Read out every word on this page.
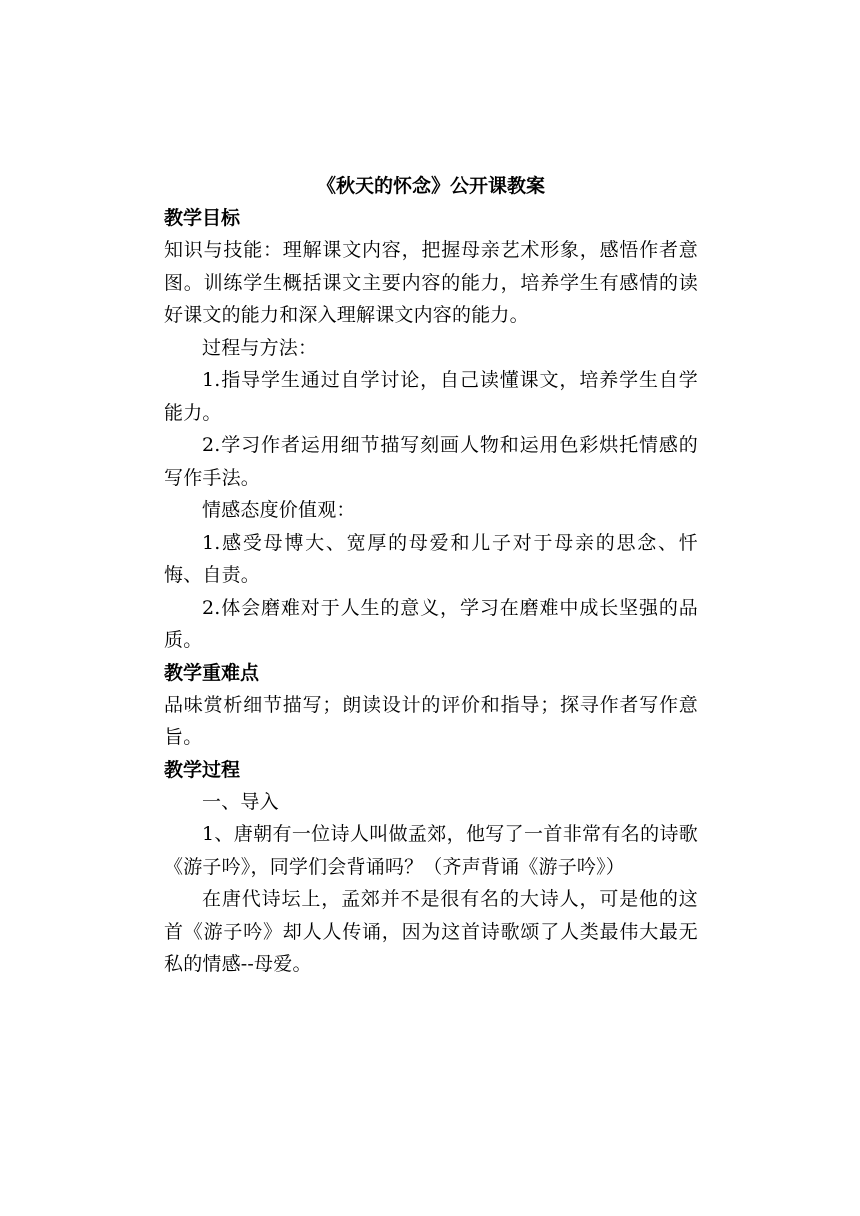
《秋天的怀念》公开课教案
教学目标

知识与技能：理解课文内容，把握母亲艺术形象，感悟作者意图。训练学生概括课文主要内容的能力，培养学生有感情的读好课文的能力和深入理解课文内容的能力。

过程与方法：

1.指导学生通过自学讨论，自己读懂课文，培养学生自学能力。

2.学习作者运用细节描写刻画人物和运用色彩烘托情感的写作手法。

情感态度价值观：

1.感受母博大、宽厚的母爱和儿子对于母亲的思念、忏悔、自责。

2.体会磨难对于人生的意义，学习在磨难中成长坚强的品质。

教学重难点

品味赏析细节描写；朗读设计的评价和指导；探寻作者写作意旨。

教学过程

一、导入

1、唐朝有一位诗人叫做孟郊，他写了一首非常有名的诗歌《游子吟》，同学们会背诵吗？（齐声背诵《游子吟》）

在唐代诗坛上，孟郊并不是很有名的大诗人，可是他的这首《游子吟》却人人传诵，因为这首诗歌颂了人类最伟大最无私的情感--母爱。
